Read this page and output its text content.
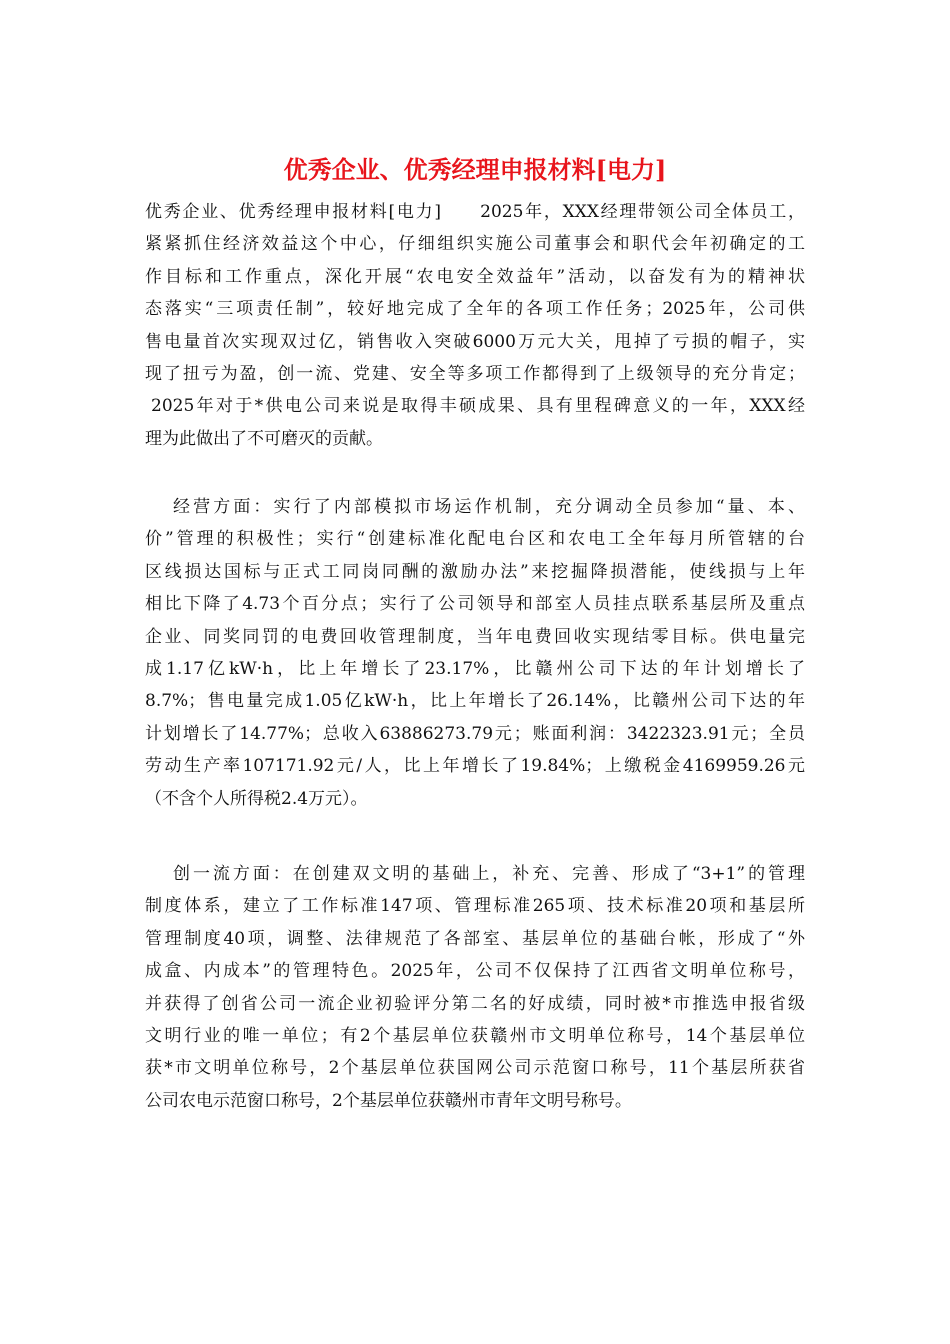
优秀企业、优秀经理申报材料[电力]
优秀企业、优秀经理申报材料[电力]　　2025年，XXX经理带领公司全体员工，
紧紧抓住经济效益这个中心，仔细组织实施公司董事会和职代会年初确定的工
作目标和工作重点，深化开展“农电安全效益年”活动，以奋发有为的精神状
态落实“三项责任制”，较好地完成了全年的各项工作任务；2025年，公司供
售电量首次实现双过亿，销售收入突破6000万元大关，甩掉了亏损的帽子，实
现了扭亏为盈，创一流、党建、安全等多项工作都得到了上级领导的充分肯定；
2025年对于*供电公司来说是取得丰硕成果、具有里程碑意义的一年，XXX经
理为此做出了不可磨灭的贡献。
经营方面：实行了内部模拟市场运作机制，充分调动全员参加“量、本、
价”管理的积极性；实行“创建标准化配电台区和农电工全年每月所管辖的台
区线损达国标与正式工同岗同酬的激励办法”来挖掘降损潜能，使线损与上年
相比下降了4.73个百分点；实行了公司领导和部室人员挂点联系基层所及重点
企业、同奖同罚的电费回收管理制度，当年电费回收实现结零目标。供电量完
成1.17亿kW·h，比上年增长了23.17%，比赣州公司下达的年计划增长了
8.7%；售电量完成1.05亿kW·h，比上年增长了26.14%，比赣州公司下达的年
计划增长了14.77%；总收入63886273.79元；账面利润：3422323.91元；全员
劳动生产率107171.92元/人，比上年增长了19.84%；上缴税金4169959.26元
（不含个人所得税2.4万元）。
创一流方面：在创建双文明的基础上，补充、完善、形成了“3+1”的管理
制度体系，建立了工作标准147项、管理标准265项、技术标准20项和基层所
管理制度40项，调整、法律规范了各部室、基层单位的基础台帐，形成了“外
成盒、内成本”的管理特色。2025年，公司不仅保持了江西省文明单位称号，
并获得了创省公司一流企业初验评分第二名的好成绩，同时被*市推选申报省级
文明行业的唯一单位；有2个基层单位获赣州市文明单位称号，14个基层单位
获*市文明单位称号，2个基层单位获国网公司示范窗口称号，11个基层所获省
公司农电示范窗口称号，2个基层单位获赣州市青年文明号称号。
